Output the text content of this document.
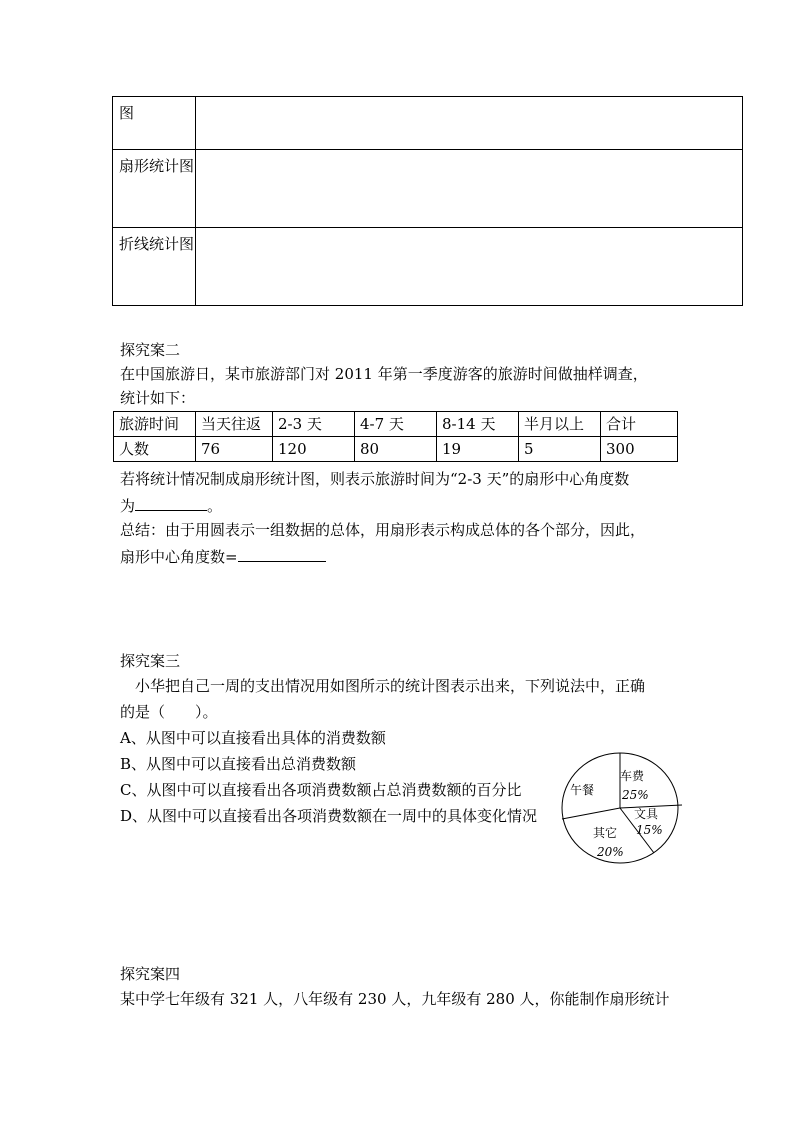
图	
扇形统计图	
折线统计图	
探究案二
在中国旅游日，某市旅游部门对 2011 年第一季度游客的旅游时间做抽样调查，
统计如下：
旅游时间	当天往返	2-3 天	4-7 天	8-14 天	半月以上	合计
人数	76	120	80	19	5	300
若将统计情况制成扇形统计图，则表示旅游时间为“2-3 天”的扇形中心角度数
为	。
总结：由于用圆表示一组数据的总体，用扇形表示构成总体的各个部分，因此，
扇形中心角度数=
探究案三
小华把自己一周的支出情况用如图所示的统计图表示出来，下列说法中，正确
的是（　　）。
A、从图中可以直接看出具体的消费数额
B、从图中可以直接看出总消费数额
C、从图中可以直接看出各项消费数额占总消费数额的百分比
D、从图中可以直接看出各项消费数额在一周中的具体变化情况
午餐
车费
25%
文具
15%
其它
20%
探究案四
某中学七年级有 321 人，八年级有 230 人，九年级有 280 人，你能制作扇形统计
